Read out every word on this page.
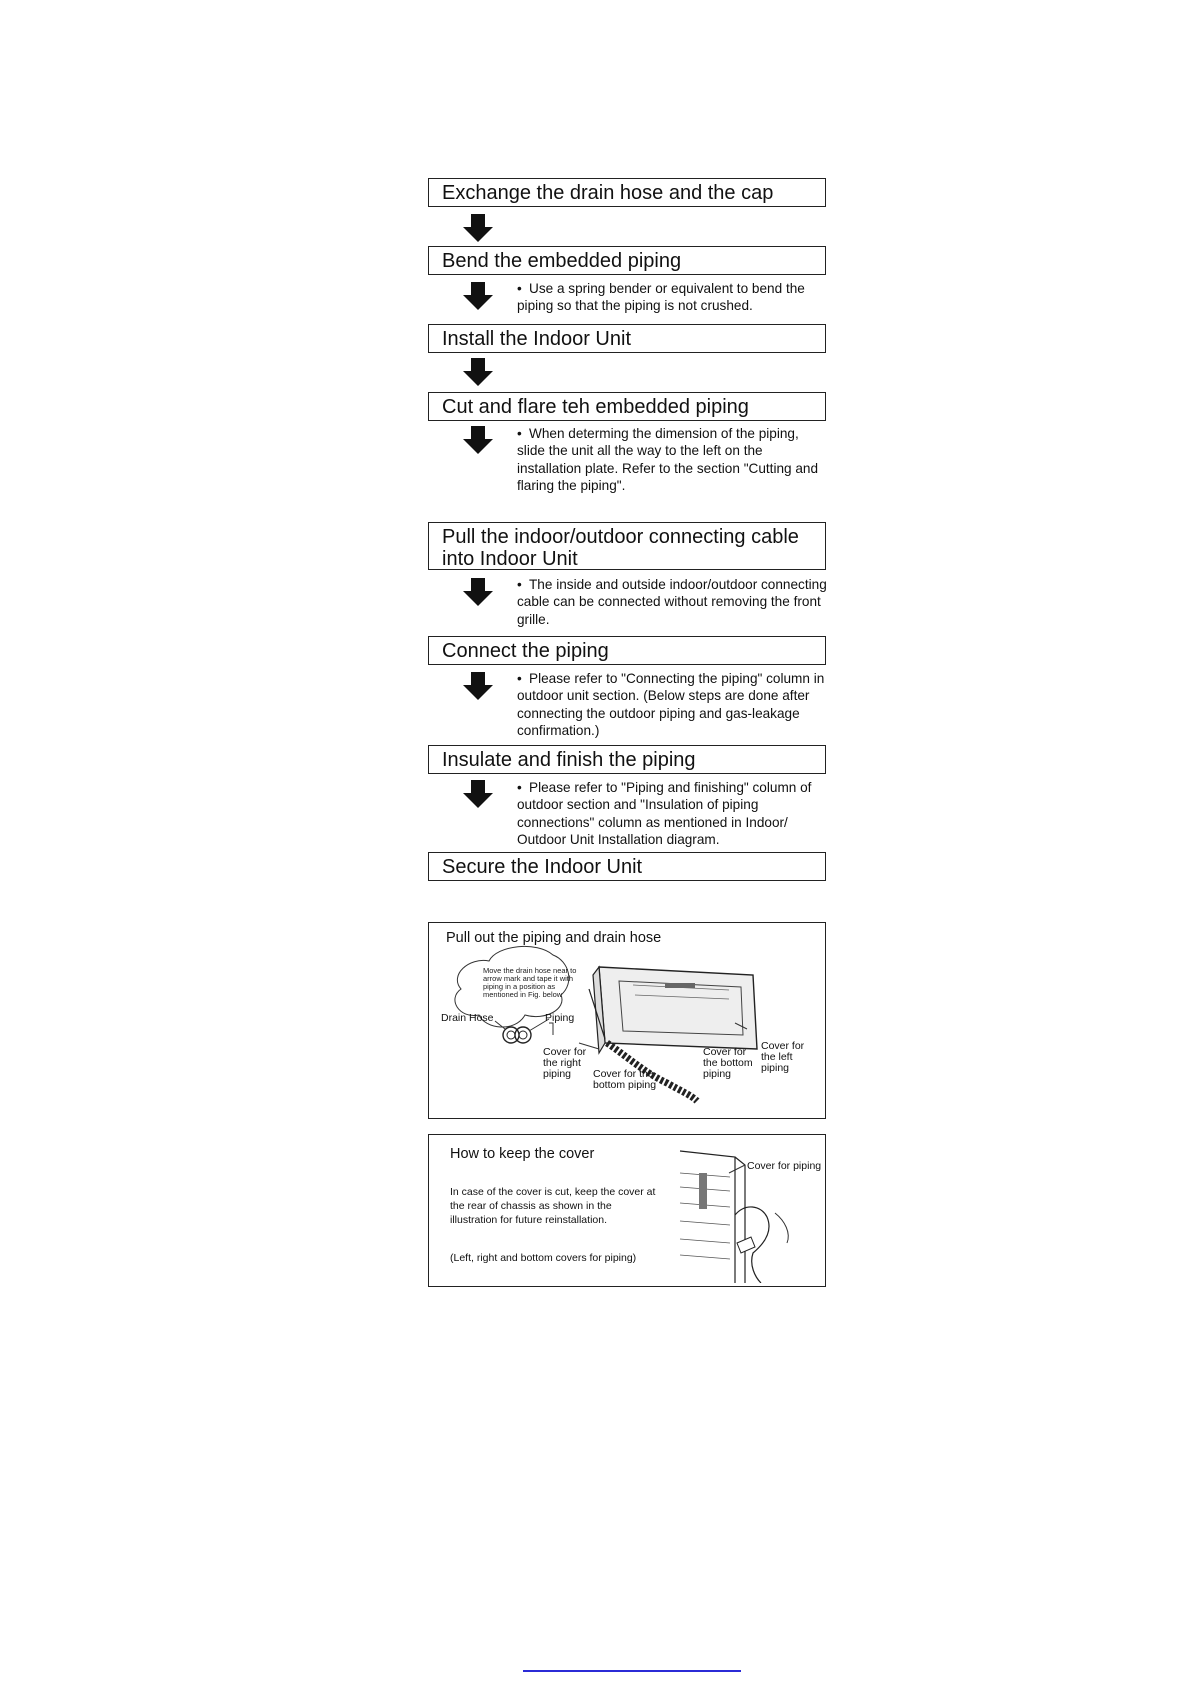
Exchange the drain hose and the cap
Bend the embedded piping
Install the Indoor Unit
Cut and flare teh embedded piping
Pull the indoor/outdoor connecting cable into Indoor Unit
Connect the piping
Insulate and finish the piping
Secure the Indoor Unit
• Use a spring bender or equivalent to bend the piping so that the piping is not crushed.
• When determing the dimension of the piping, slide the unit all the way to the left on the installation plate. Refer to the section "Cutting and flaring the piping".
• The inside and outside indoor/outdoor connecting cable can be connected without removing the front grille.
• Please refer to "Connecting the piping" column in outdoor unit section. (Below steps are done after connecting the outdoor piping and gas-leakage confirmation.)
• Please refer to "Piping and finishing" column of outdoor section and "Insulation of piping connections" column as mentioned in Indoor/ Outdoor Unit Installation diagram.
Pull out the piping and drain hose
Move the drain hose near to arrow mark and tape it with piping in a position as mentioned in Fig. below
Drain Hose	Piping
Cover for the right piping	Cover for the bottom piping
Cover for the bottom piping
Cover for the left piping
How to keep the cover
In case of the cover is cut, keep the cover at the rear of chassis as shown in the illustration for future reinstallation.
(Left, right and bottom covers for piping)
Cover for piping
